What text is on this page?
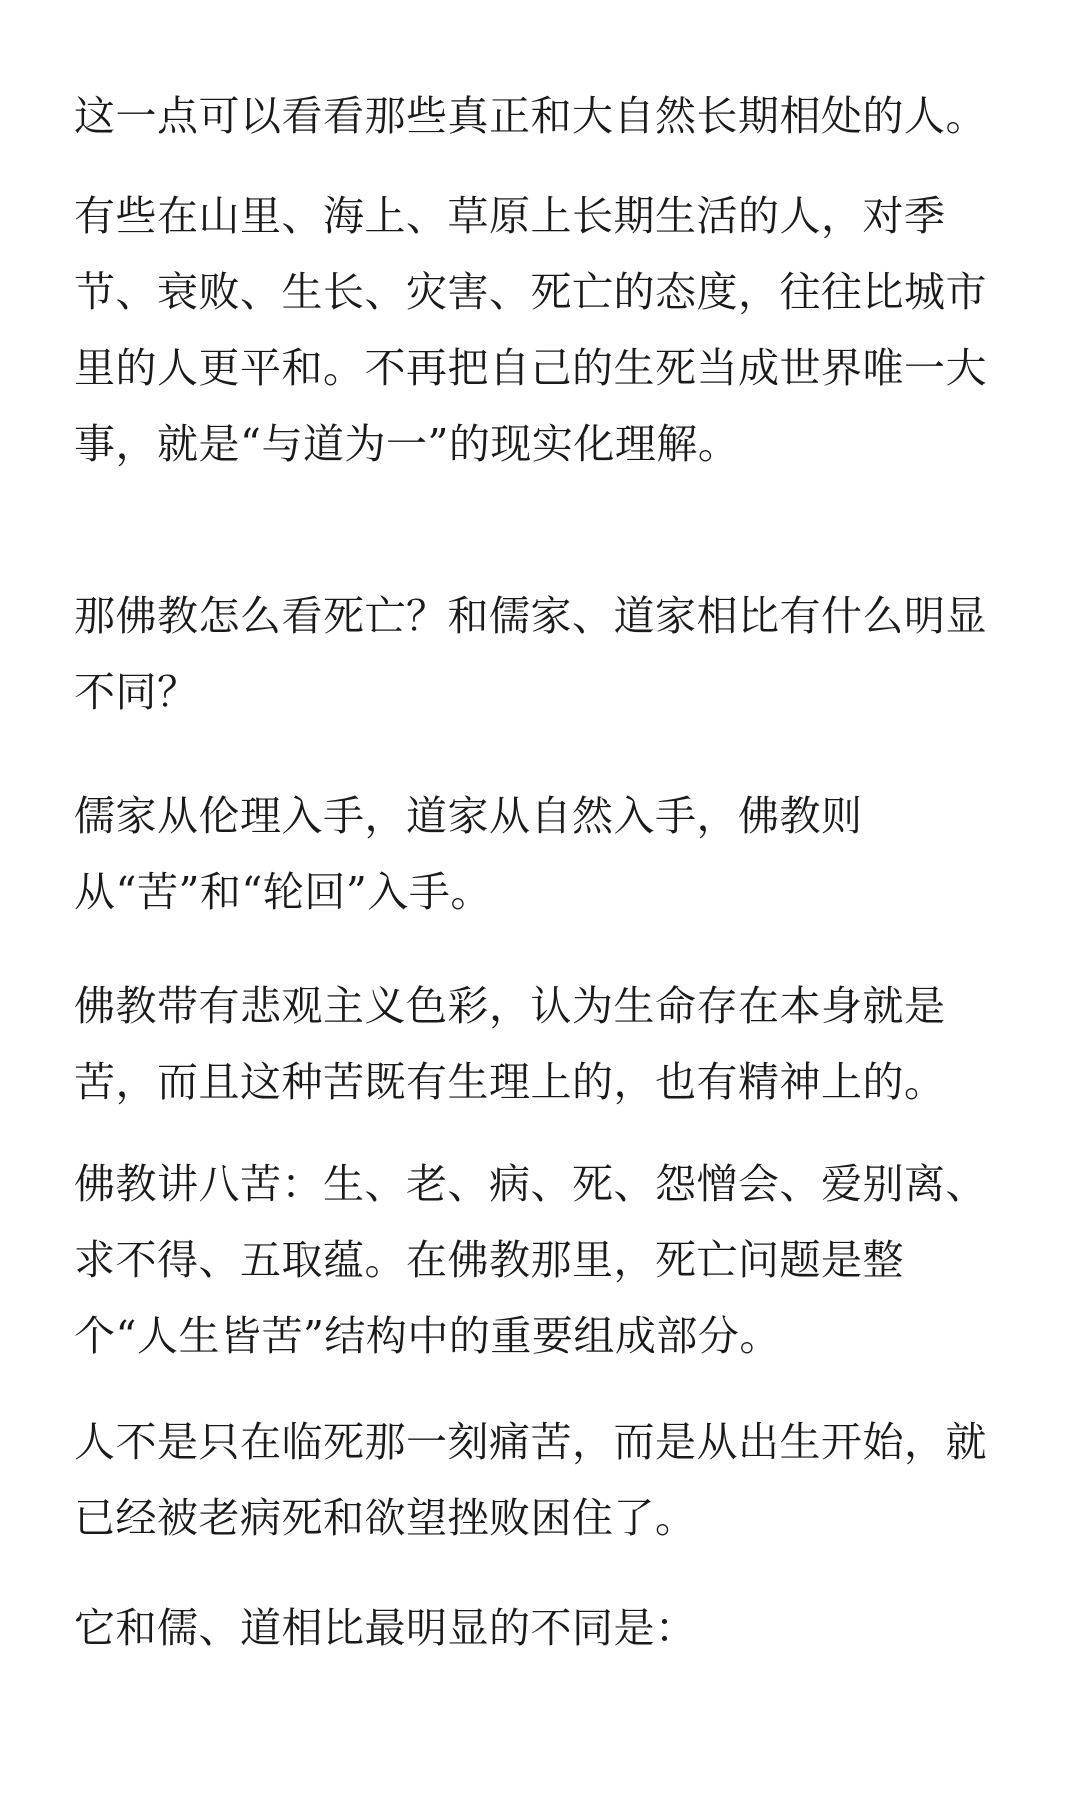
这一点可以看看那些真正和大自然长期相处的人。

有些在山里、海上、草原上长期生活的人，对季
节、衰败、生长、灾害、死亡的态度，往往比城市
里的人更平和。不再把自己的生死当成世界唯一大
事，就是“与道为一”的现实化理解。

那佛教怎么看死亡？和儒家、道家相比有什么明显
不同？

儒家从伦理入手，道家从自然入手，佛教则
从“苦”和“轮回”入手。

佛教带有悲观主义色彩，认为生命存在本身就是
苦，而且这种苦既有生理上的，也有精神上的。

佛教讲八苦：生、老、病、死、怨憎会、爱别离、
求不得、五取蕴。在佛教那里，死亡问题是整
个“人生皆苦”结构中的重要组成部分。

人不是只在临死那一刻痛苦，而是从出生开始，就
已经被老病死和欲望挫败困住了。

它和儒、道相比最明显的不同是：
